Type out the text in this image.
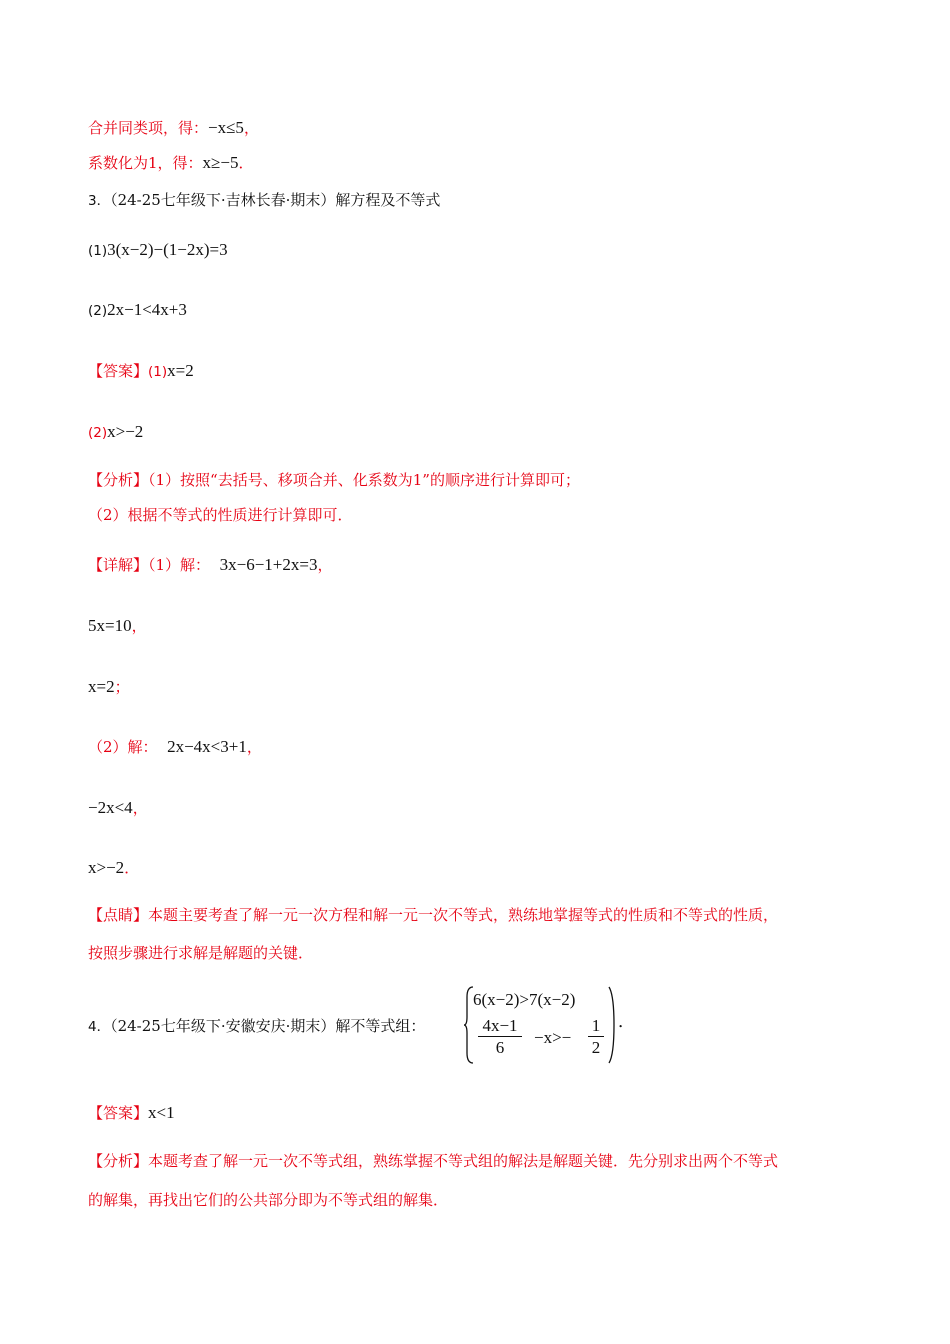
合并同类项，得：−x≤5，
系数化为1，得：x≥−5．
3．（24-25七年级下·吉林长春·期末）解方程及不等式
(1)3(x−2)−(1−2x)=3
(2)2x−1<4x+3
【答案】(1)x=2
(2)x>−2
【分析】（1）按照“去括号、移项合并、化系数为1”的顺序进行计算即可；
（2）根据不等式的性质进行计算即可．
【详解】（1）解： 3x−6−1+2x=3，
5x=10，
x=2；
（2）解： 2x−4x<3+1，
−2x<4，
x>−2．
【点睛】本题主要考查了解一元一次方程和解一元一次不等式，熟练地掌握等式的性质和不等式的性质，
按照步骤进行求解是解题的关键．
4．（24-25七年级下·安徽安庆·期末）解不等式组：
6(x−2)>7(x−2)
$\frac{4x-1}{6} -x>- \frac{1}{2}$ ．
【答案】x<1
【分析】本题考查了解一元一次不等式组，熟练掌握不等式组的解法是解题关键．先分别求出两个不等式
的解集，再找出它们的公共部分即为不等式组的解集．
